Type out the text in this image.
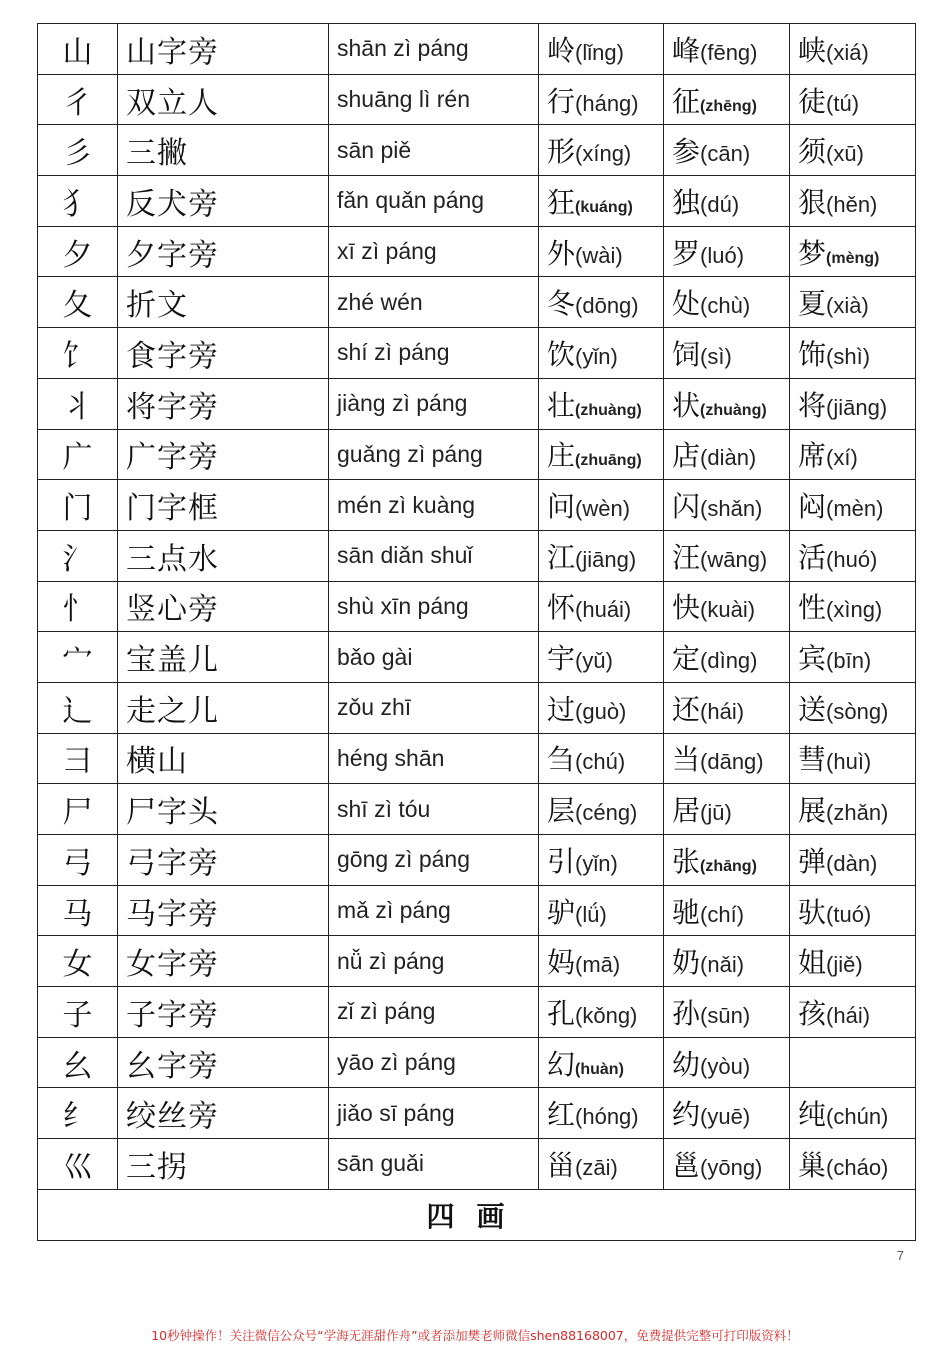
山	山字旁	shān zì páng	岭(lǐng)	峰(fēng)	峡(xiá)
彳	双立人	shuāng lì rén	行(háng)	征(zhēng)	徒(tú)
彡	三撇	sān piě	形(xíng)	参(cān)	须(xū)
犭	反犬旁	fǎn quǎn páng	狂(kuáng)	独(dú)	狠(hěn)
夕	夕字旁	xī zì páng	外(wài)	罗(luó)	梦(mèng)
夂	折文	zhé wén	冬(dōng)	处(chù)	夏(xià)
饣	食字旁	shí zì páng	饮(yǐn)	饲(sì)	饰(shì)
丬	将字旁	jiàng zì páng	壮(zhuàng)	状(zhuàng)	将(jiāng)
广	广字旁	guǎng zì páng	庄(zhuāng)	店(diàn)	席(xí)
门	门字框	mén zì kuàng	问(wèn)	闪(shǎn)	闷(mèn)
氵	三点水	sān diǎn shuǐ	江(jiāng)	汪(wāng)	活(huó)
忄	竖心旁	shù xīn páng	怀(huái)	快(kuài)	性(xìng)
宀	宝盖儿	bǎo gài	宇(yǔ)	定(dìng)	宾(bīn)
辶	走之儿	zǒu zhī	过(guò)	还(hái)	送(sòng)
彐	横山	héng shān	刍(chú)	当(dāng)	彗(huì)
尸	尸字头	shī zì tóu	层(céng)	居(jū)	展(zhǎn)
弓	弓字旁	gōng zì páng	引(yǐn)	张(zhāng)	弹(dàn)
马	马字旁	mǎ zì páng	驴(lǘ)	驰(chí)	驮(tuó)
女	女字旁	nǚ zì páng	妈(mā)	奶(nǎi)	姐(jiě)
子	子字旁	zǐ zì páng	孔(kǒng)	孙(sūn)	孩(hái)
幺	幺字旁	yāo zì páng	幻(huàn)	幼(yòu)	
纟	绞丝旁	jiǎo sī páng	红(hóng)	约(yuē)	纯(chún)
巛	三拐	sān guǎi	甾(zāi)	邕(yōng)	巢(cháo)
四画					
7
10秒钟操作！关注微信公众号“学海无涯甜作舟”或者添加樊老师微信shen88168007，免费提供完整可打印版资料！
